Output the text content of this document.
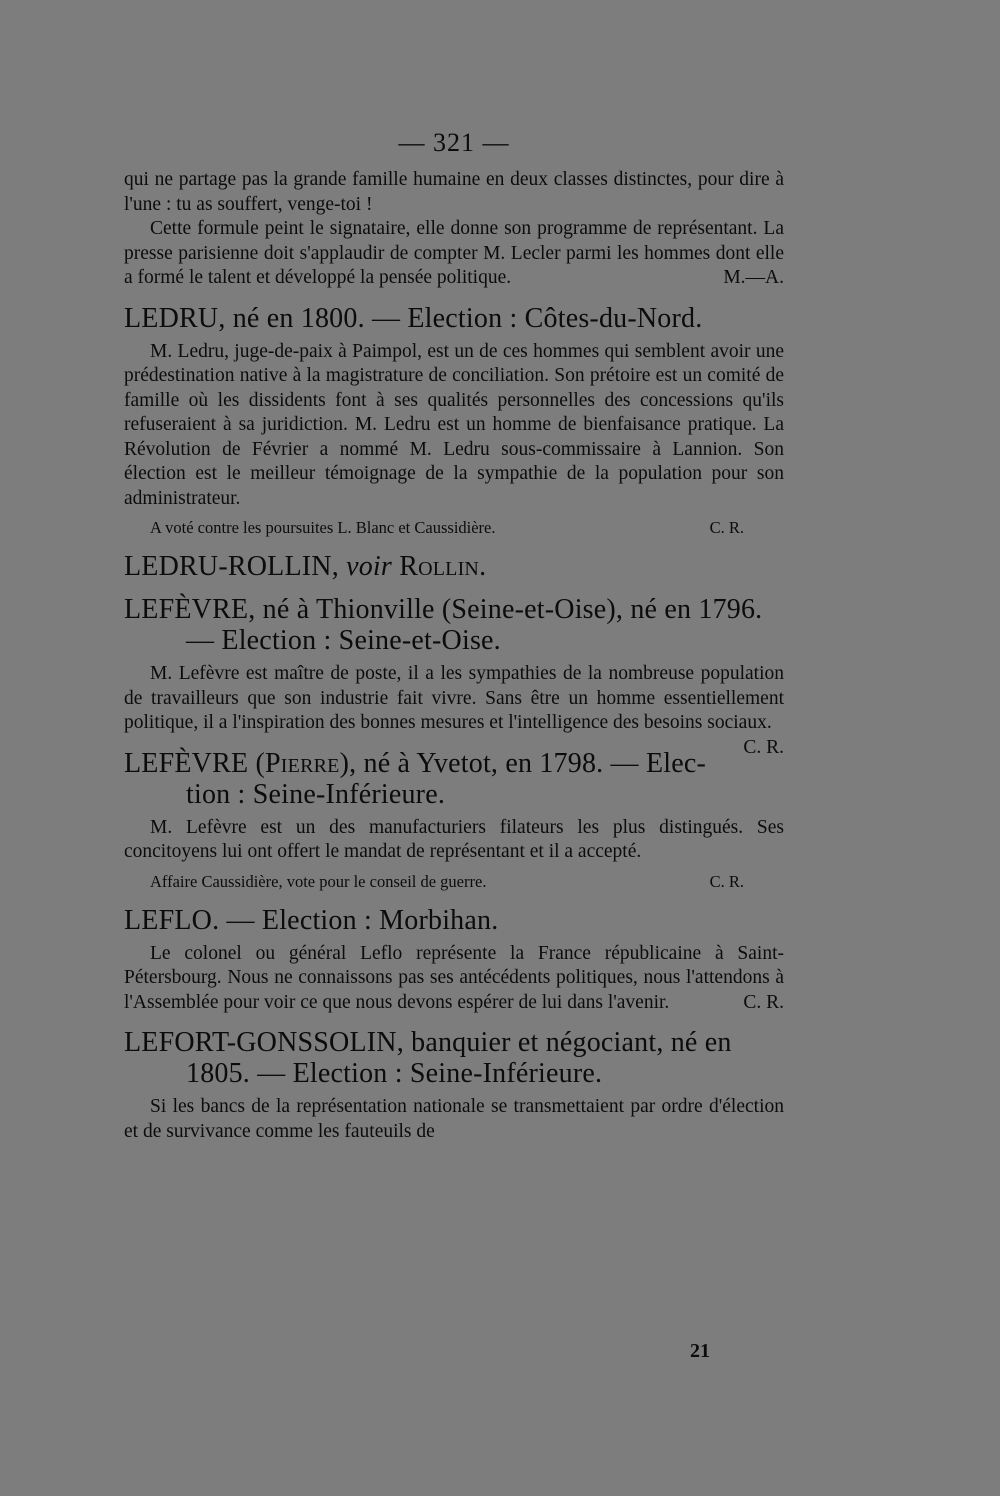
— 321 —

qui ne partage pas la grande famille humaine en deux classes distinctes, pour dire à l'une : tu as souffert, venge-toi !

Cette formule peint le signataire, elle donne son programme de représentant. La presse parisienne doit s'applaudir de compter M. Lecler parmi les hommes dont elle a formé le talent et développé la pensée politique.	M.—A.

LEDRU, né en 1800. — Election : Côtes-du-Nord.

M. Ledru, juge-de-paix à Paimpol, est un de ces hommes qui semblent avoir une prédestination native à la magistrature de conciliation. Son prétoire est un comité de famille où les dissidents font à ses qualités personnelles des concessions qu'ils refuseraient à sa juridiction. M. Ledru est un homme de bienfaisance pratique. La Révolution de Février a nommé M. Ledru sous-commissaire à Lannion. Son élection est le meilleur témoignage de la sympathie de la population pour son administrateur.

A voté contre les poursuites L. Blanc et Caussidière.	C. R.
LEDRU-ROLLIN, voir Rollin.
LEFÈVRE, né à Thionville (Seine-et-Oise), né en 1796.
— Election : Seine-et-Oise.

M. Lefèvre est maître de poste, il a les sympathies de la nombreuse population de travailleurs que son industrie fait vivre. Sans être un homme essentiellement politique, il a l'inspiration des bonnes mesures et l'intelligence des besoins sociaux.
C. R.

LEFÈVRE (Pierre), né à Yvetot, en 1798. — Elec-
tion : Seine-Inférieure.

M. Lefèvre est un des manufacturiers filateurs les plus distingués. Ses concitoyens lui ont offert le mandat de représentant et il a accepté.

Affaire Caussidière, vote pour le conseil de guerre.	C. R.
LEFLO. — Election : Morbihan.

Le colonel ou général Leflo représente la France républicaine à Saint-Pétersbourg. Nous ne connaissons pas ses antécédents politiques, nous l'attendons à l'Assemblée pour voir ce que nous devons espérer de lui dans l'avenir.	C. R.

LEFORT-GONSSOLIN, banquier et négociant, né en
1805. — Election : Seine-Inférieure.

Si les bancs de la représentation nationale se transmettaient par ordre d'élection et de survivance comme les fauteuils de

21
